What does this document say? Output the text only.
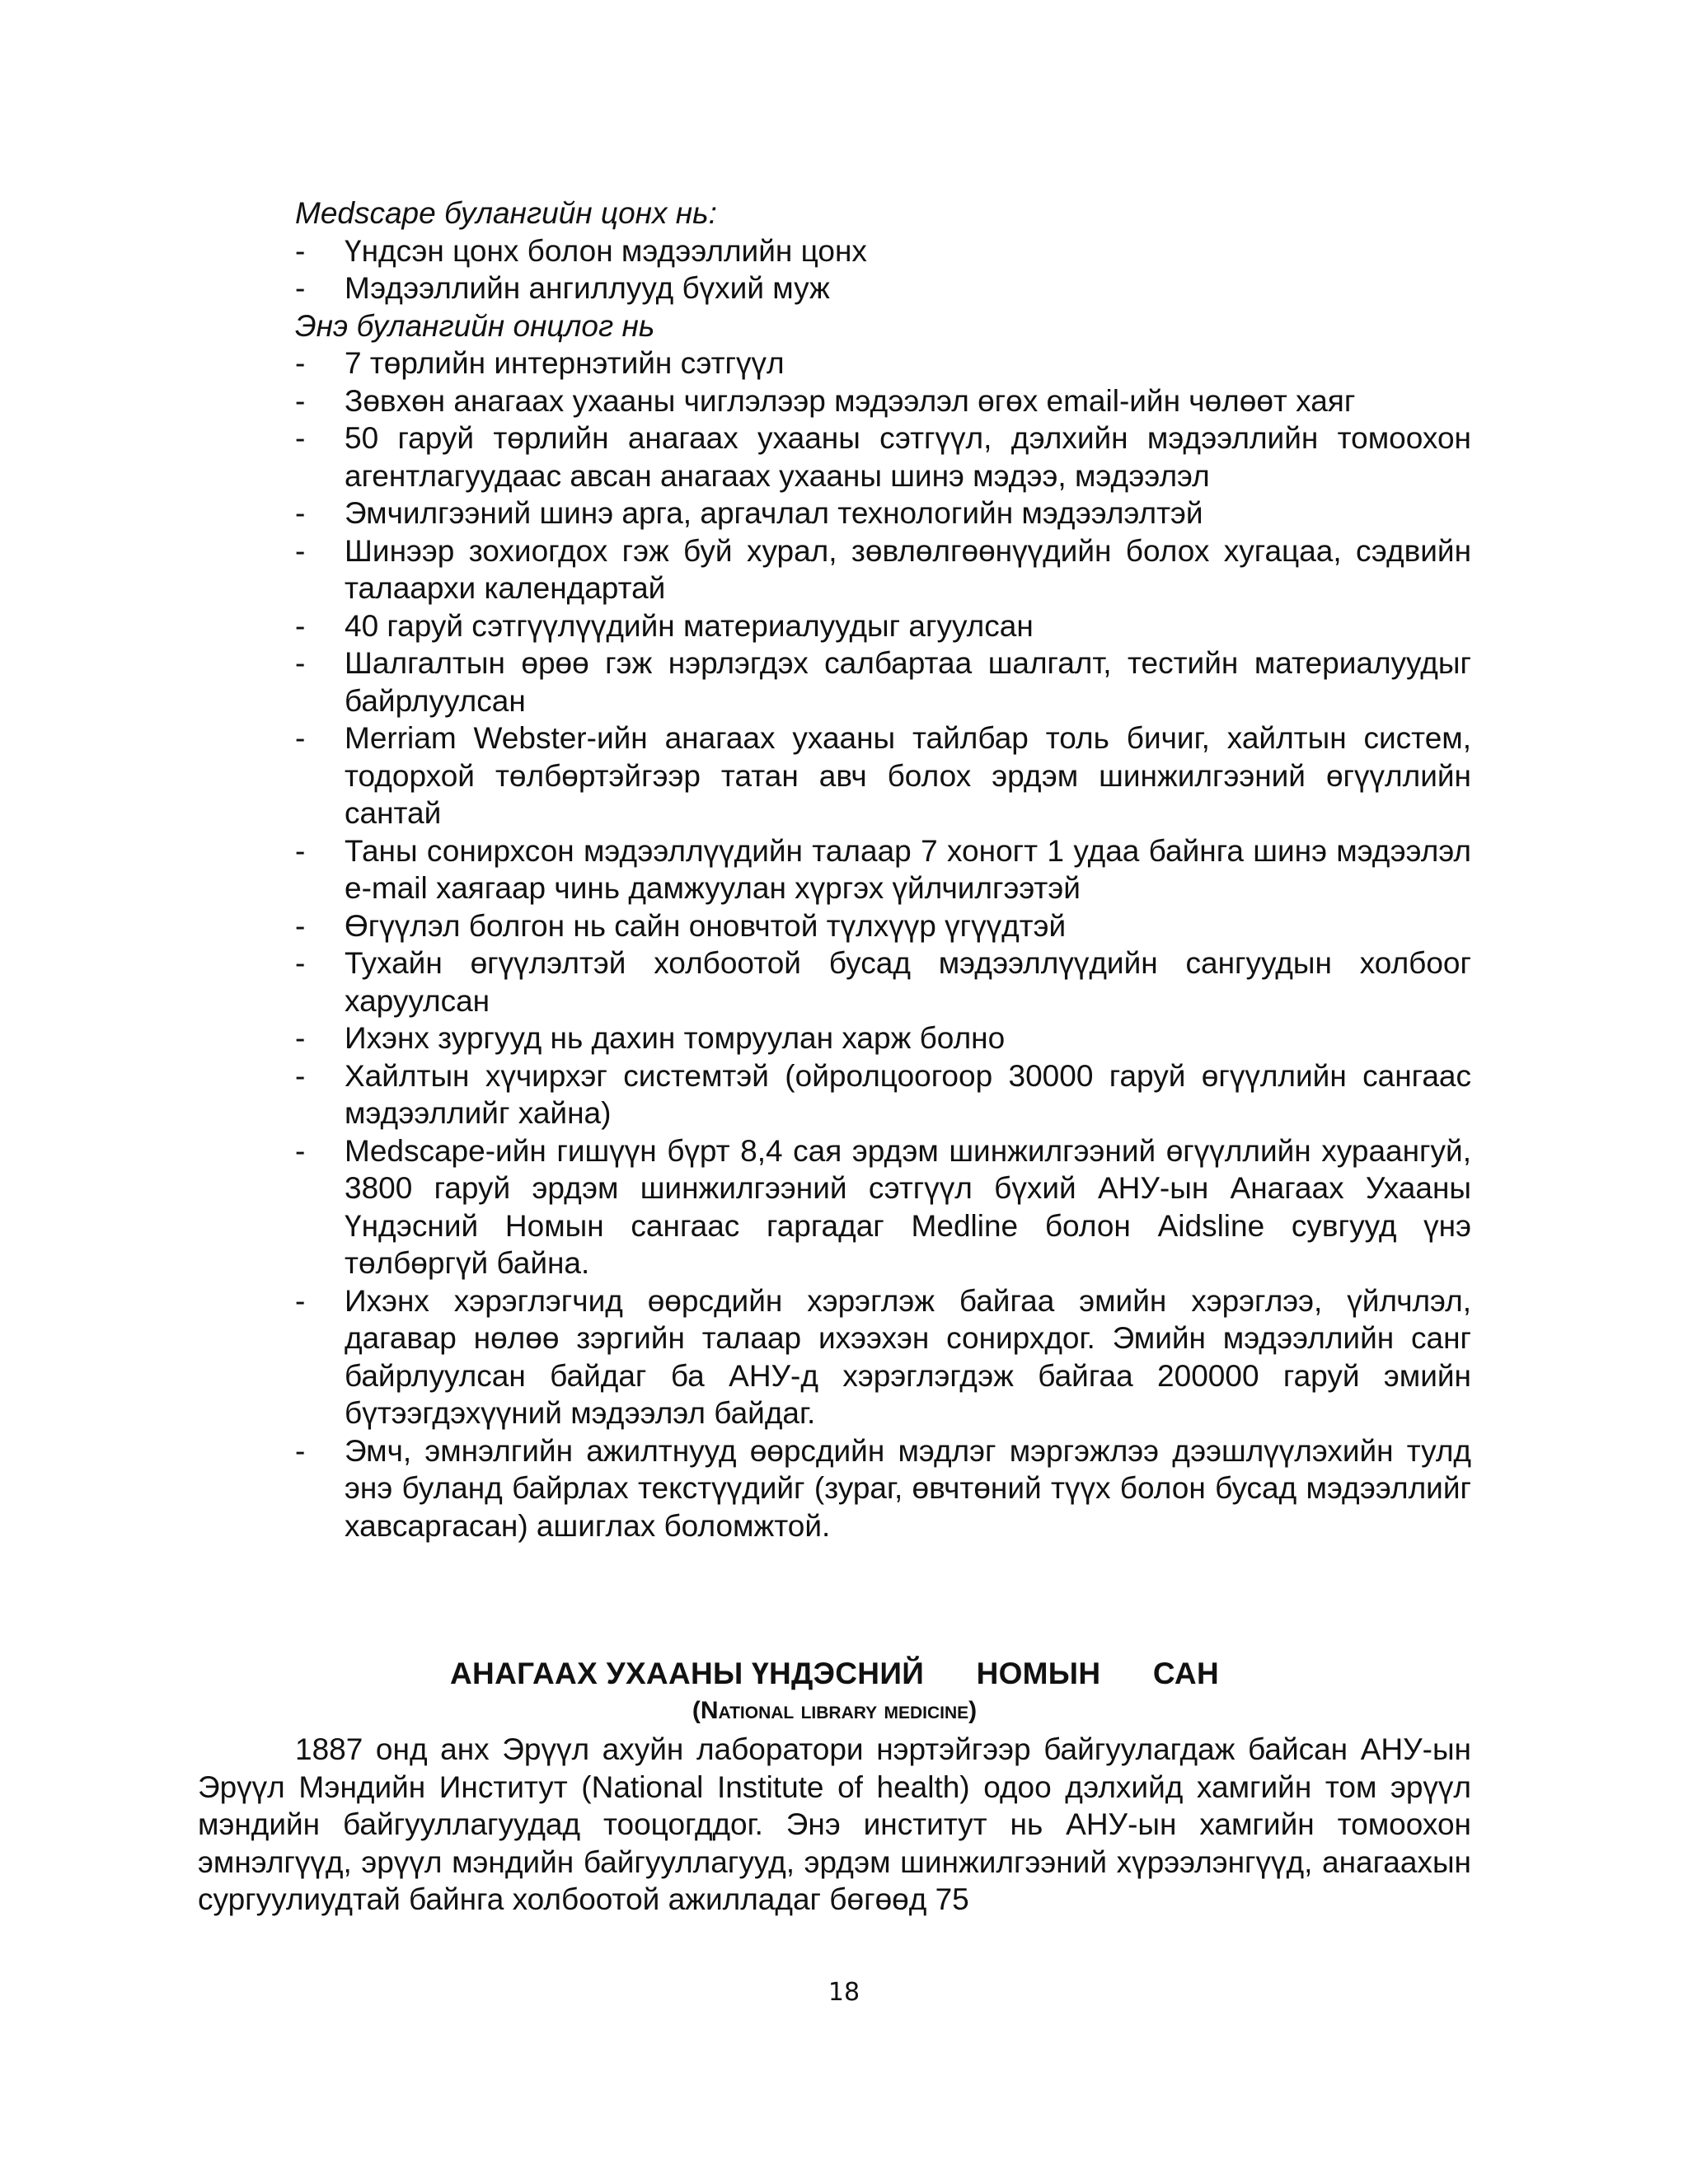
Medscape булангийн цонх нь:
-	Үндсэн цонх болон мэдээллийн цонх
-	Мэдээллийн ангиллууд бүхий муж
Энэ булангийн онцлог нь
-	7 төрлийн интернэтийн сэтгүүл
-	Зөвхөн анагаах ухааны чиглэлээр мэдээлэл өгөх email-ийн чөлөөт хаяг
-	50 гаруй төрлийн анагаах ухааны сэтгүүл, дэлхийн мэдээллийн томоохон агентлагуудаас авсан анагаах ухааны шинэ мэдээ, мэдээлэл
-	Эмчилгээний шинэ арга, аргачлал технологийн мэдээлэлтэй
-	Шинээр зохиогдох гэж буй хурал, зөвлөлгөөнүүдийн болох хугацаа, сэдвийн талаархи календартай
-	40 гаруй сэтгүүлүүдийн материалуудыг агуулсан
-	Шалгалтын өрөө гэж нэрлэгдэх салбартаа шалгалт, тестийн материалуудыг байрлуулсан
-	Merriam Webster-ийн анагаах ухааны тайлбар толь бичиг, хайлтын систем, тодорхой төлбөртэйгээр татан авч болох эрдэм шинжилгээний өгүүллийн сантай
-	Таны сонирхсон мэдээллүүдийн талаар 7 хоногт 1 удаа байнга шинэ мэдээлэл e-mail хаягаар чинь дамжуулан хүргэх үйлчилгээтэй
-	Өгүүлэл болгон нь сайн оновчтой түлхүүр үгүүдтэй
-	Тухайн өгүүлэлтэй холбоотой бусад мэдээллүүдийн сангуудын холбоог харуулсан
-	Ихэнх зургууд нь дахин томруулан харж болно
-	Хайлтын хүчирхэг системтэй (ойролцоогоор 30000 гаруй өгүүллийн сангаас мэдээллийг хайна)
-	Medscape-ийн гишүүн бүрт 8,4 сая эрдэм шинжилгээний өгүүллийн хураангуй, 3800 гаруй эрдэм шинжилгээний сэтгүүл бүхий АНУ-ын Анагаах Ухааны Үндэсний Номын сангаас гаргадаг Medline болон Aidsline сувгууд үнэ төлбөргүй байна.
-	Ихэнх хэрэглэгчид өөрсдийн хэрэглэж байгаа эмийн хэрэглээ, үйлчлэл, дагавар нөлөө зэргийн талаар ихээхэн сонирхдог. Эмийн мэдээллийн санг байрлуулсан байдаг ба АНУ-д хэрэглэгдэж байгаа 200000 гаруй эмийн бүтээгдэхүүний мэдээлэл байдаг.
-	Эмч, эмнэлгийн ажилтнууд өөрсдийн мэдлэг мэргэжлээ дээшлүүлэхийн тулд энэ буланд байрлах текстүүдийг (зураг, өвчтөний түүх болон бусад мэдээллийг хавсаргасан) ашиглах боломжтой.
АНАГААХ УХААНЫ ҮНДЭСНИЙ      НОМЫН      САН
(National library medicine)
1887 онд анх Эрүүл ахуйн лаборатори нэртэйгээр байгуулагдаж байсан АНУ-ын Эрүүл Мэндийн Институт (National Institute of health) одоо дэлхийд хамгийн том эрүүл мэндийн байгууллагуудад тооцогддог. Энэ институт нь АНУ-ын хамгийн томоохон эмнэлгүүд, эрүүл мэндийн байгууллагууд, эрдэм шинжилгээний хүрээлэнгүүд, анагаахын сургуулиудтай байнга холбоотой ажилладаг бөгөөд 75
18
